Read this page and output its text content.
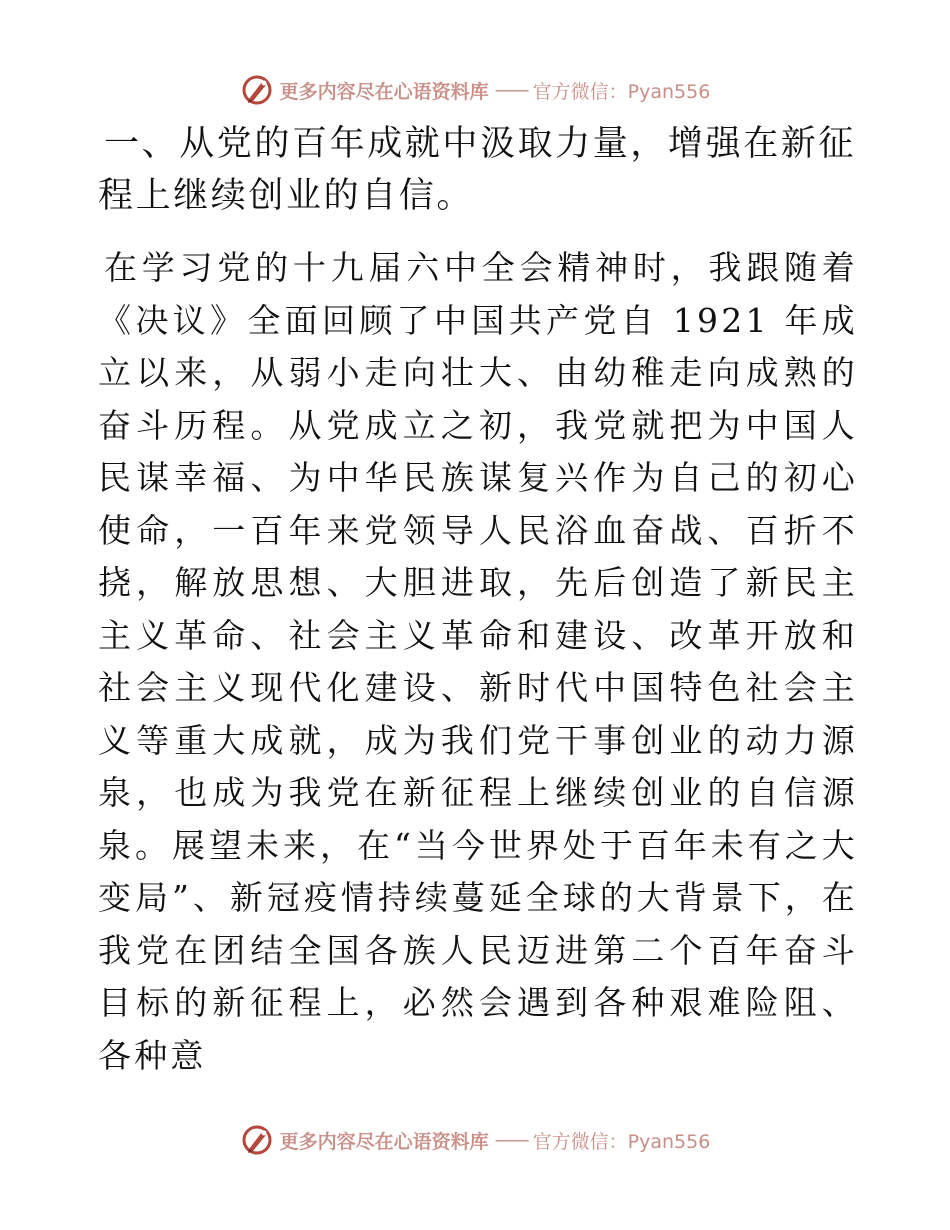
更多内容尽在心语资料库 —— 官方微信：Pyan556
一、从党的百年成就中汲取力量，增强在新征程上继续创业的自信。

在学习党的十九届六中全会精神时，我跟随着《决议》全面回顾了中国共产党自 1921 年成立以来，从弱小走向壮大、由幼稚走向成熟的奋斗历程。从党成立之初，我党就把为中国人民谋幸福、为中华民族谋复兴作为自己的初心使命，一百年来党领导人民浴血奋战、百折不挠，解放思想、大胆进取，先后创造了新民主主义革命、社会主义革命和建设、改革开放和社会主义现代化建设、新时代中国特色社会主义等重大成就，成为我们党干事创业的动力源泉，也成为我党在新征程上继续创业的自信源泉。展望未来，在“当今世界处于百年未有之大变局”、新冠疫情持续蔓延全球的大背景下，在我党在团结全国各族人民迈进第二个百年奋斗目标的新征程上，必然会遇到各种艰难险阻、各种意

更多内容尽在心语资料库 —— 官方微信：Pyan556
